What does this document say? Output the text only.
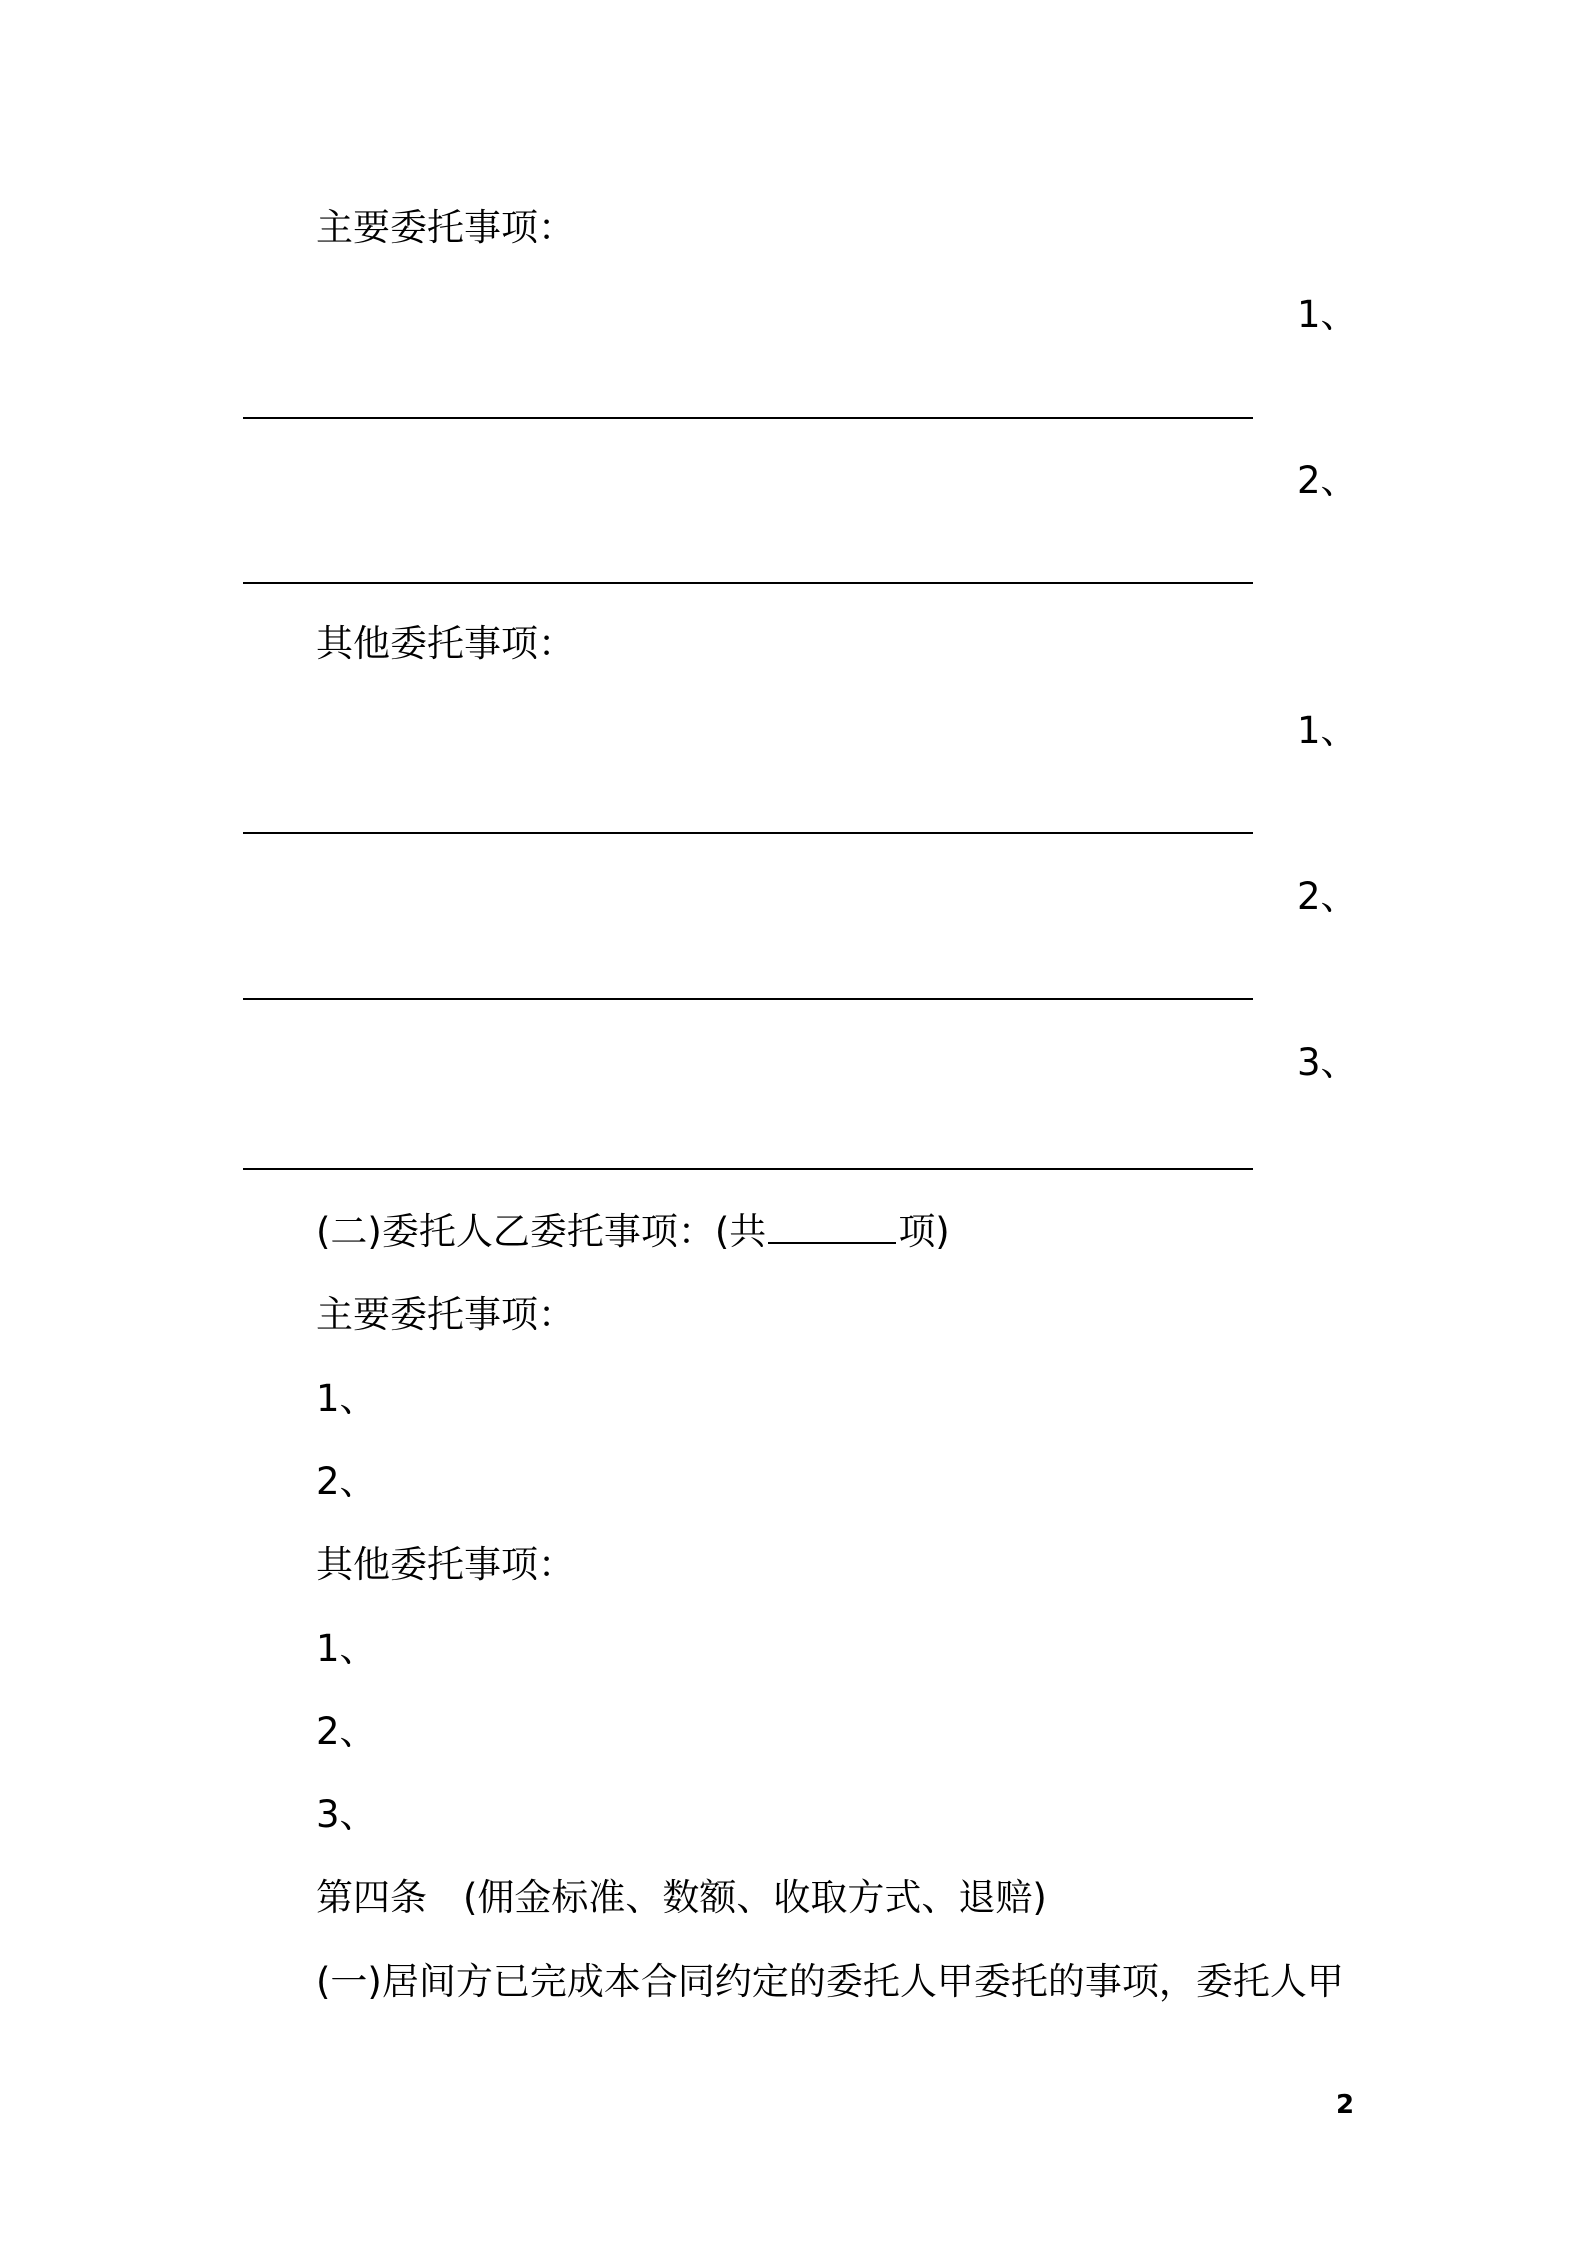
主要委托事项：
1、
2、
其他委托事项：
1、
2、
3、
(二)委托人乙委托事项：(共	项)
主要委托事项：
1、
2、
其他委托事项：
1、
2、
3、
第四条 (佣金标准、数额、收取方式、退赔)
(一)居间方已完成本合同约定的委托人甲委托的事项，委托人甲
2
